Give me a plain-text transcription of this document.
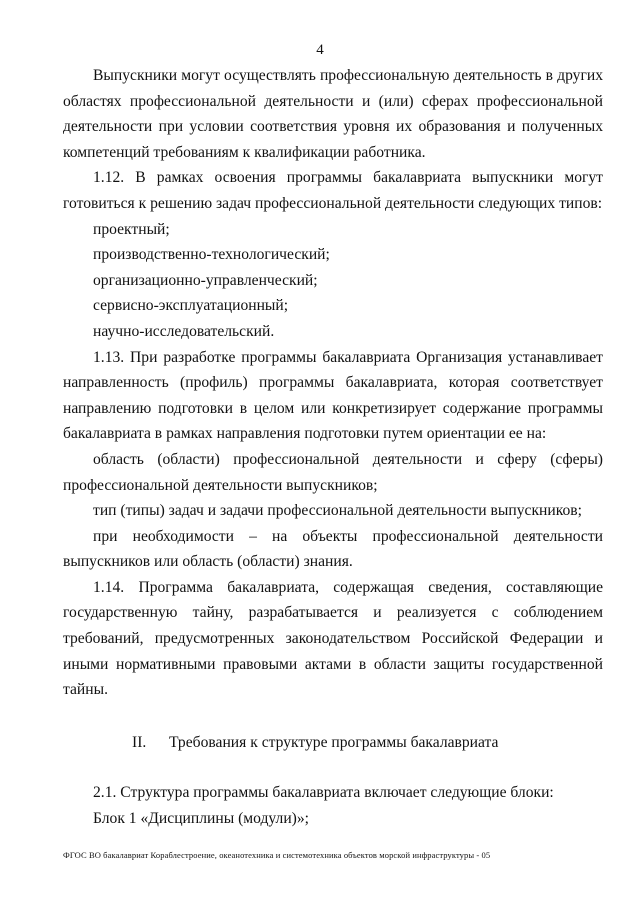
4

Выпускники могут осуществлять профессиональную деятельность в других областях профессиональной деятельности и (или) сферах профессиональной деятельности при условии соответствия уровня их образования и полученных компетенций требованиям к квалификации работника.

1.12. В рамках освоения программы бакалавриата выпускники могут готовиться к решению задач профессиональной деятельности следующих типов:

проектный;

производственно-технологический;

организационно-управленческий;

сервисно-эксплуатационный;

научно-исследовательский.

1.13. При разработке программы бакалавриата Организация устанавливает направленность (профиль) программы бакалавриата, которая соответствует направлению подготовки в целом или конкретизирует содержание программы бакалавриата в рамках направления подготовки путем ориентации ее на:

область (области) профессиональной деятельности и сферу (сферы) профессиональной деятельности выпускников;

тип (типы) задач и задачи профессиональной деятельности выпускников;

при необходимости – на объекты профессиональной деятельности выпускников или область (области) знания.

1.14. Программа бакалавриата, содержащая сведения, составляющие государственную тайну, разрабатывается и реализуется с соблюдением требований, предусмотренных законодательством Российской Федерации и иными нормативными правовыми актами в области защиты государственной тайны.

II. Требования к структуре программы бакалавриата

2.1. Структура программы бакалавриата включает следующие блоки:

Блок 1 «Дисциплины (модули)»;

ФГОС ВО бакалавриат Кораблестроение, океанотехника и системотехника объектов морской инфраструктуры - 05
